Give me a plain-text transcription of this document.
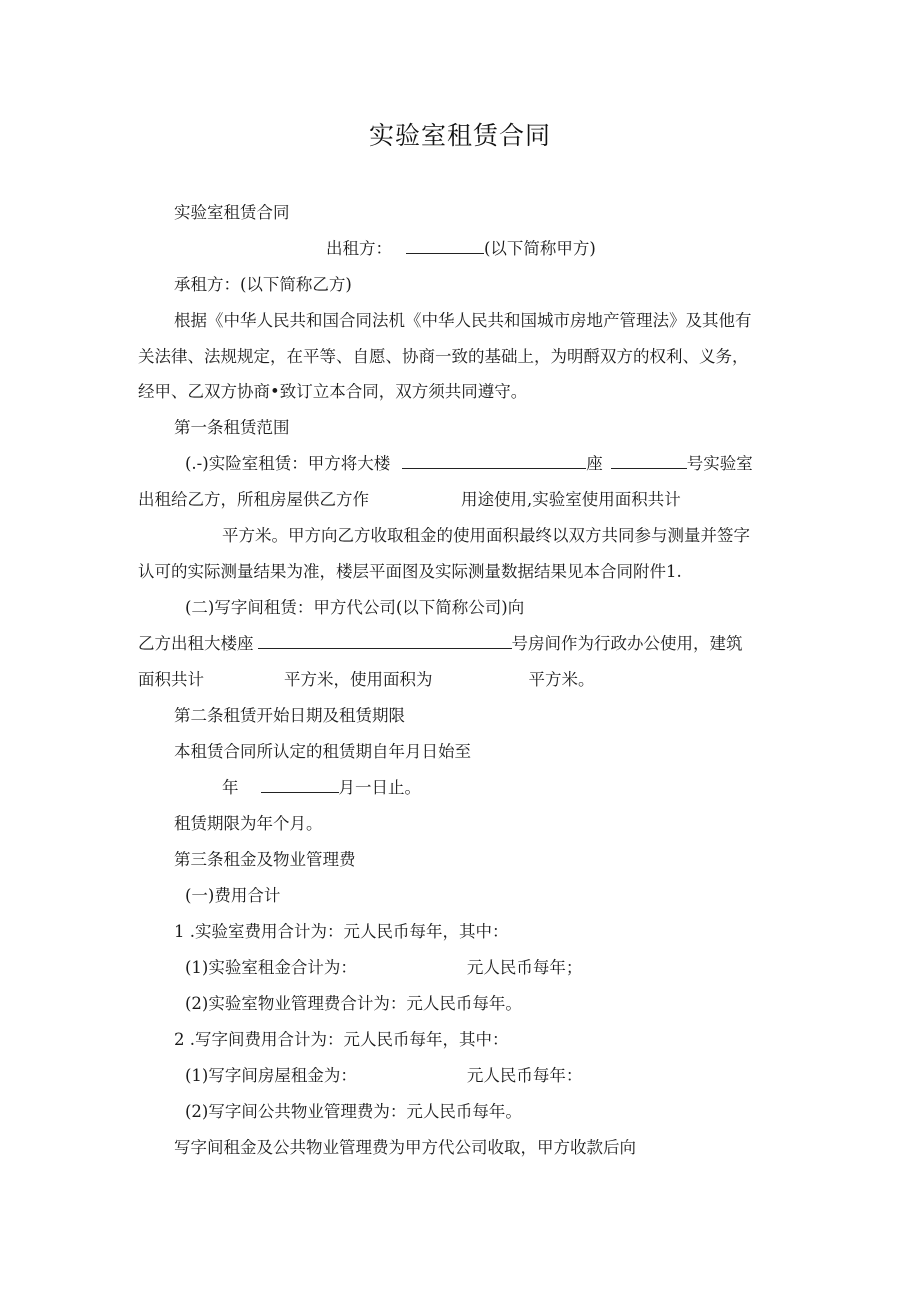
实验室租赁合同
实验室租赁合同
出租方：	(以下简称甲方)
承租方：(以下简称乙方)
根据《中华人民共和国合同法机《中华人民共和国城市房地产管理法》及其他有
关法律、法规规定，在平等、自愿、协商一致的基础上，为明酹双方的权利、义务，
经甲、乙双方协商•致订立本合同，双方须共同遵守。
第一条租赁范围
(.-)实险室租赁：甲方将大楼	座	号实验室
出租给乙方，所租房屋供乙方作	用途使用,实验室使用面积共计
平方米。甲方向乙方收取租金的使用面积最终以双方共同参与测量并签字
认可的实际测量结果为准，楼层平面图及实际测量数据结果见本合同附件1.
(二)写字间租赁：甲方代公司(以下简称公司)向
乙方出租大楼座	号房间作为行政办公使用，建筑
面积共计	平方米，使用面积为	平方米。
第二条租赁开始日期及租赁期限
本租赁合同所认定的租赁期自年月日始至
年	月一日止。
租赁期限为年个月。
第三条租金及物业管理费
(一)费用合计
1 .实验室费用合计为：元人民币每年，其中：
(1)实验室租金合计为：	元人民币每年；
(2)实验室物业管理费合计为：元人民币每年。
2 .写字间费用合计为：元人民币每年，其中：
(1)写字间房屋租金为：	元人民币每年：
(2)写字间公共物业管理费为：元人民币每年。
写字间租金及公共物业管理费为甲方代公司收取，甲方收款后向
